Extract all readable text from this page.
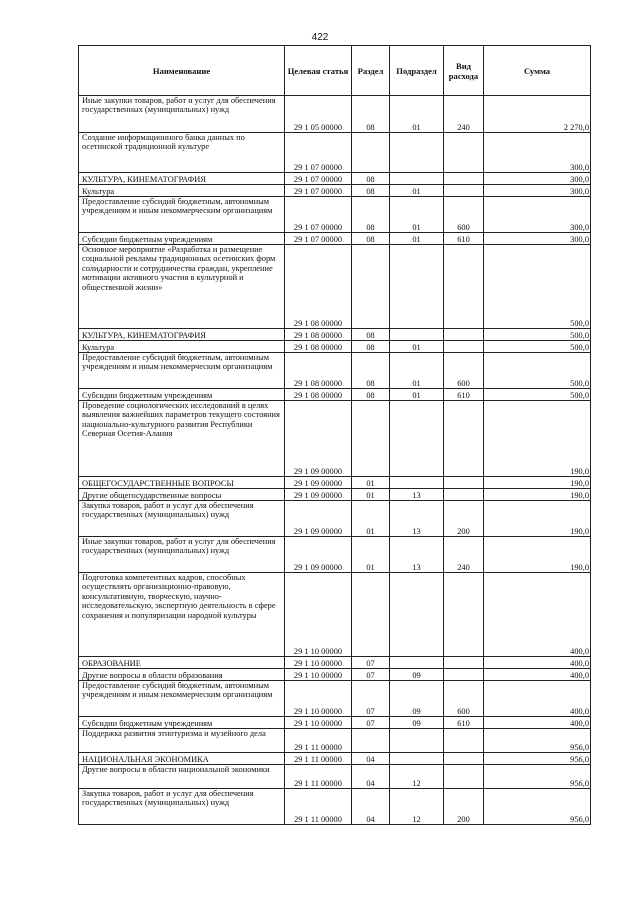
422
Наименование	Целевая статья	Раздел	Подраздел	Вид расхода	Сумма
Иные закупки товаров, работ и услуг для обеспечения государственных (муниципальных) нужд	29 1 05 00000	08	01	240	2 270,0
Создание информационного банка данных по осетинской традиционной культуре	29 1 07 00000				300,0
КУЛЬТУРА, КИНЕМАТОГРАФИЯ	29 1 07 00000	08			300,0
Культура	29 1 07 00000	08	01		300,0
Предоставление субсидий бюджетным, автономным учреждениям и иным некоммерческим организациям	29 1 07 00000	08	01	600	300,0
Субсидии бюджетным учреждениям	29 1 07 00000	08	01	610	300,0
Основное мероприятие «Разработка и размещение социальной рекламы традиционных осетинских форм солидарности и сотрудничества граждан, укрепление мотивации активного участия в культурной и общественной жизни»	29 1 08 00000				500,0
КУЛЬТУРА, КИНЕМАТОГРАФИЯ	29 1 08 00000	08			500,0
Культура	29 1 08 00000	08	01		500,0
Предоставление субсидий бюджетным, автономным учреждениям и иным некоммерческим организациям	29 1 08 00000	08	01	600	500,0
Субсидии бюджетным учреждениям	29 1 08 00000	08	01	610	500,0
Проведение социологических исследований в целях выявления важнейших параметров текущего состояния национально-культурного развития Республики Северная Осетия-Алания	29 1 09 00000				190,0
ОБЩЕГОСУДАРСТВЕННЫЕ ВОПРОСЫ	29 1 09 00000	01			190,0
Другие общегосударственные вопросы	29 1 09 00000	01	13		190,0
Закупка товаров, работ и услуг для обеспечения государственных (муниципальных) нужд	29 1 09 00000	01	13	200	190,0
Иные закупки товаров, работ и услуг для обеспечения государственных (муниципальных) нужд	29 1 09 00000	01	13	240	190,0
Подготовка компетентных кадров, способных осуществлять организационно-правовую, консультативную, творческую, научно-исследовательскую, экспертную деятельность в сфере сохранения и популяризации народной культуры	29 1 10 00000				400,0
ОБРАЗОВАНИЕ	29 1 10 00000	07			400,0
Другие вопросы в области образования	29 1 10 00000	07	09		400,0
Предоставление субсидий бюджетным, автономным учреждениям и иным некоммерческим организациям	29 1 10 00000	07	09	600	400,0
Субсидии бюджетным учреждениям	29 1 10 00000	07	09	610	400,0
Поддержка развития этнотуризма и музейного дела	29 1 11 00000				956,0
НАЦИОНАЛЬНАЯ ЭКОНОМИКА	29 1 11 00000	04			956,0
Другие вопросы в области национальной экономики	29 1 11 00000	04	12		956,0
Закупка товаров, работ и услуг для обеспечения государственных (муниципальных) нужд	29 1 11 00000	04	12	200	956,0
